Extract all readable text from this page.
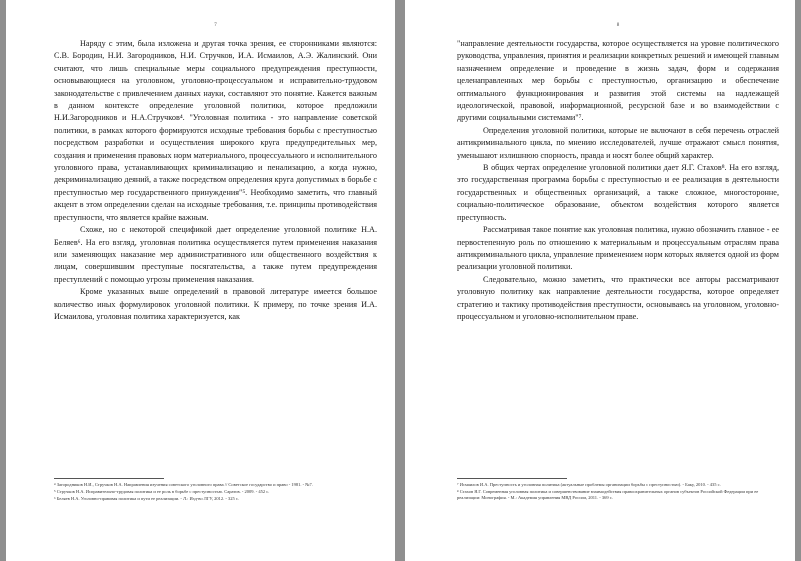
7

Наряду с этим, была изложена и другая точка зрения, ее сторонниками являются: С.В. Бородин, Н.И. Загородников, Н.И. Стручков, И.А. Исмаилов, А.Э. Жалинский. Они считают, что лишь специальные меры социального предупреждения преступности, основывающиеся на уголовном, уголовно-процессуальном и исправительно-трудовом законодательстве с привлечением данных науки, составляют это понятие. Кажется важным в данном контексте определение уголовной политики, которое предложили Н.И.Загородников и Н.А.Стручков⁴. "Уголовная политика - это направление советской политики, в рамках которого формируются исходные требования борьбы с преступностью посредством разработки и осуществления широкого круга предупредительных мер, создания и применения правовых норм материального, процессуального и исполнительного уголовного права, устанавливающих криминализацию и пенализацию, а когда нужно, декриминализацию деяний, а также посредством определения круга допустимых в борьбе с преступностью мер государственного принуждения"⁵. Необходимо заметить, что главный акцент в этом определении сделан на исходные требования, т.е. принципы противодействия преступности, что является крайне важным.

Схоже, но с некоторой спецификой дает определение уголовной политике Н.А. Беляев⁶. На его взгляд, уголовная политика осуществляется путем применения наказания или заменяющих наказание мер административного или общественного воздействия к лицам, совершившим преступные посягательства, а также путем предупреждения преступлений с помощью угрозы применения наказания.

Кроме указанных выше определений в правовой литературе имеется большое количество иных формулировок уголовной политики. К примеру, по точке зрения И.А. Исмаилова, уголовная политика характеризуется, как

⁴ Загородников Н.И., Стручков Н.А. Направления изучения советского уголовного права // Советское государство и право - 1981. - №7.

⁵ Стручков Н.А. Исправительно-трудовая политика и ее роль в борьбе с преступностью. Саратов. - 2009. - 452 с.

⁶ Беляев Н.А. Уголовно-правовая политика и пути ее реализации. - Л.: Изд-во ЛГУ, 2012. - 325 с.

8

"направление деятельности государства, которое осуществляется на уровне политического руководства, управления, принятия и реализации конкретных решений и имеющей главным назначением определение и проведение в жизнь задач, форм и содержания целенаправленных мер борьбы с преступностью, организацию и обеспечение оптимального функционирования и развития этой системы на надлежащей идеологической, правовой, информационной, ресурсной базе и во взаимодействии с другими социальными системами"⁷.

Определения уголовной политики, которые не включают в себя перечень отраслей антикриминального цикла, по мнению исследователей, лучше отражают смысл понятия, уменьшают излишнюю спорность, правда и носят более общий характер.

В общих чертах определение уголовной политики дает Я.Г. Стахов⁸. На его взгляд, это государственная программа борьбы с преступностью и ее реализация в деятельности государственных и общественных организаций, а также сложное, многосторонне, социально-политическое образование, объектом воздействия которого является преступность.

Рассматривая такое понятие как уголовная политика, нужно обозначить главное - ее первостепенную роль по отношению к материальным и процессуальным отраслям права антикриминального цикла, управление применением норм которых является одной из форм реализации уголовной политики.

Следовательно, можно заметить, что практически все авторы рассматривают уголовную политику как направление деятельности государства, которое определяет стратегию и тактику противодействия преступности, основываясь на уголовном, уголовно-процессуальном и уголовно-исполнительном праве.

⁷ Исмаилов И.А. Преступность и уголовная политика (актуальные проблемы организации борьбы с преступностью). - Баку, 2010. - 435 с.

⁸ Стахов Я.Г. Современная уголовная политика и совершенствование взаимодействия правоохранительных органов субъектов Российской Федерации при ее реализации: Монография. - М.: Академия управления МВД России, 2011. - 369 с.
